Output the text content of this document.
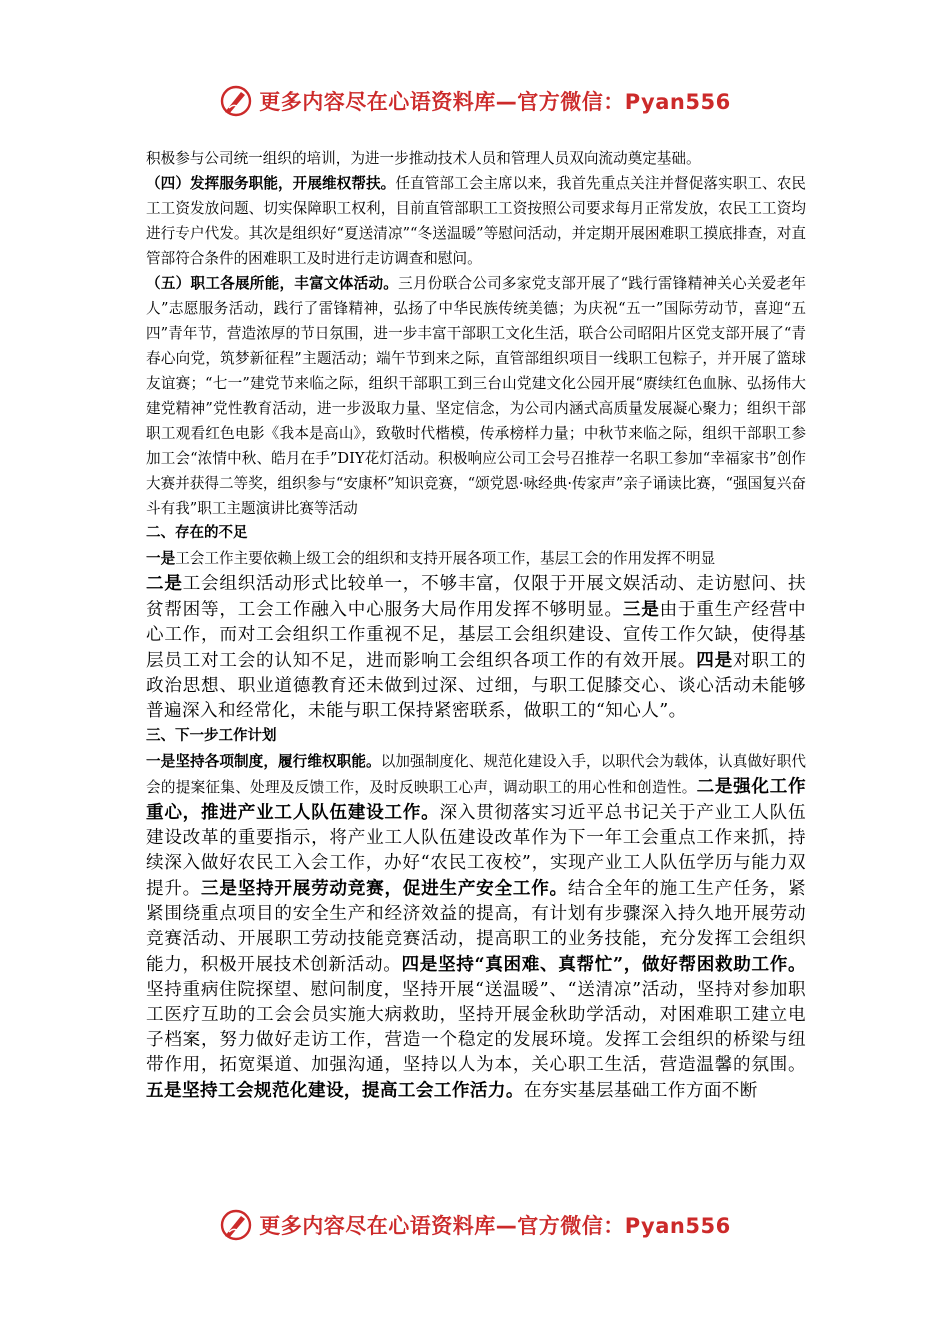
更多内容尽在心语资料库—官方微信：Pyan556

积极参与公司统一组织的培训，为进一步推动技术人员和管理人员双向流动奠定基础。

（四）发挥服务职能，开展维权帮扶。任直管部工会主席以来，我首先重点关注并督促落实职工、农民工工资发放问题、切实保障职工权利，目前直管部职工工资按照公司要求每月正常发放，农民工工资均进行专户代发。其次是组织好“夏送清凉”“冬送温暖”等慰问活动，并定期开展困难职工摸底排查，对直管部符合条件的困难职工及时进行走访调查和慰问。

（五）职工各展所能，丰富文体活动。三月份联合公司多家党支部开展了“践行雷锋精神关心关爱老年人”志愿服务活动，践行了雷锋精神，弘扬了中华民族传统美德；为庆祝“五一”国际劳动节，喜迎“五四”青年节，营造浓厚的节日氛围，进一步丰富干部职工文化生活，联合公司昭阳片区党支部开展了“青春心向党，筑梦新征程”主题活动；端午节到来之际，直管部组织项目一线职工包粽子，并开展了篮球友谊赛；“七一”建党节来临之际，组织干部职工到三台山党建文化公园开展“赓续红色血脉、弘扬伟大建党精神”党性教育活动，进一步汲取力量、坚定信念，为公司内涵式高质量发展凝心聚力；组织干部职工观看红色电影《我本是高山》，致敬时代楷模，传承榜样力量；中秋节来临之际，组织干部职工参加工会“浓情中秋、皓月在手”DIY花灯活动。积极响应公司工会号召推荐一名职工参加“幸福家书”创作大赛并获得二等奖，组织参与“安康杯”知识竞赛，“颂党恩·咏经典·传家声”亲子诵读比赛，“强国复兴奋斗有我”职工主题演讲比赛等活动

二、存在的不足

一是工会工作主要依赖上级工会的组织和支持开展各项工作，基层工会的作用发挥不明显

二是工会组织活动形式比较单一，不够丰富，仅限于开展文娱活动、走访慰问、扶贫帮困等，工会工作融入中心服务大局作用发挥不够明显。三是由于重生产经营中心工作，而对工会组织工作重视不足，基层工会组织建设、宣传工作欠缺，使得基层员工对工会的认知不足，进而影响工会组织各项工作的有效开展。四是对职工的政治思想、职业道德教育还未做到过深、过细，与职工促膝交心、谈心活动未能够普遍深入和经常化，未能与职工保持紧密联系，做职工的“知心人”。

三、下一步工作计划

一是坚持各项制度，履行维权职能。以加强制度化、规范化建设入手，以职代会为载体，认真做好职代会的提案征集、处理及反馈工作，及时反映职工心声，调动职工的用心性和创造性。二是强化工作重心，推进产业工人队伍建设工作。深入贯彻落实习近平总书记关于产业工人队伍建设改革的重要指示，将产业工人队伍建设改革作为下一年工会重点工作来抓，持续深入做好农民工入会工作，办好“农民工夜校”，实现产业工人队伍学历与能力双提升。三是坚持开展劳动竞赛，促进生产安全工作。结合全年的施工生产任务，紧紧围绕重点项目的安全生产和经济效益的提高，有计划有步骤深入持久地开展劳动竞赛活动、开展职工劳动技能竞赛活动，提高职工的业务技能，充分发挥工会组织能力，积极开展技术创新活动。四是坚持“真困难、真帮忙”，做好帮困救助工作。坚持重病住院探望、慰问制度，坚持开展“送温暖”、“送清凉”活动，坚持对参加职工医疗互助的工会会员实施大病救助，坚持开展金秋助学活动，对困难职工建立电子档案，努力做好走访工作，营造一个稳定的发展环境。发挥工会组织的桥梁与纽带作用，拓宽渠道、加强沟通，坚持以人为本，关心职工生活，营造温馨的氛围。五是坚持工会规范化建设，提高工会工作活力。在夯实基层基础工作方面不断

更多内容尽在心语资料库—官方微信：Pyan556
